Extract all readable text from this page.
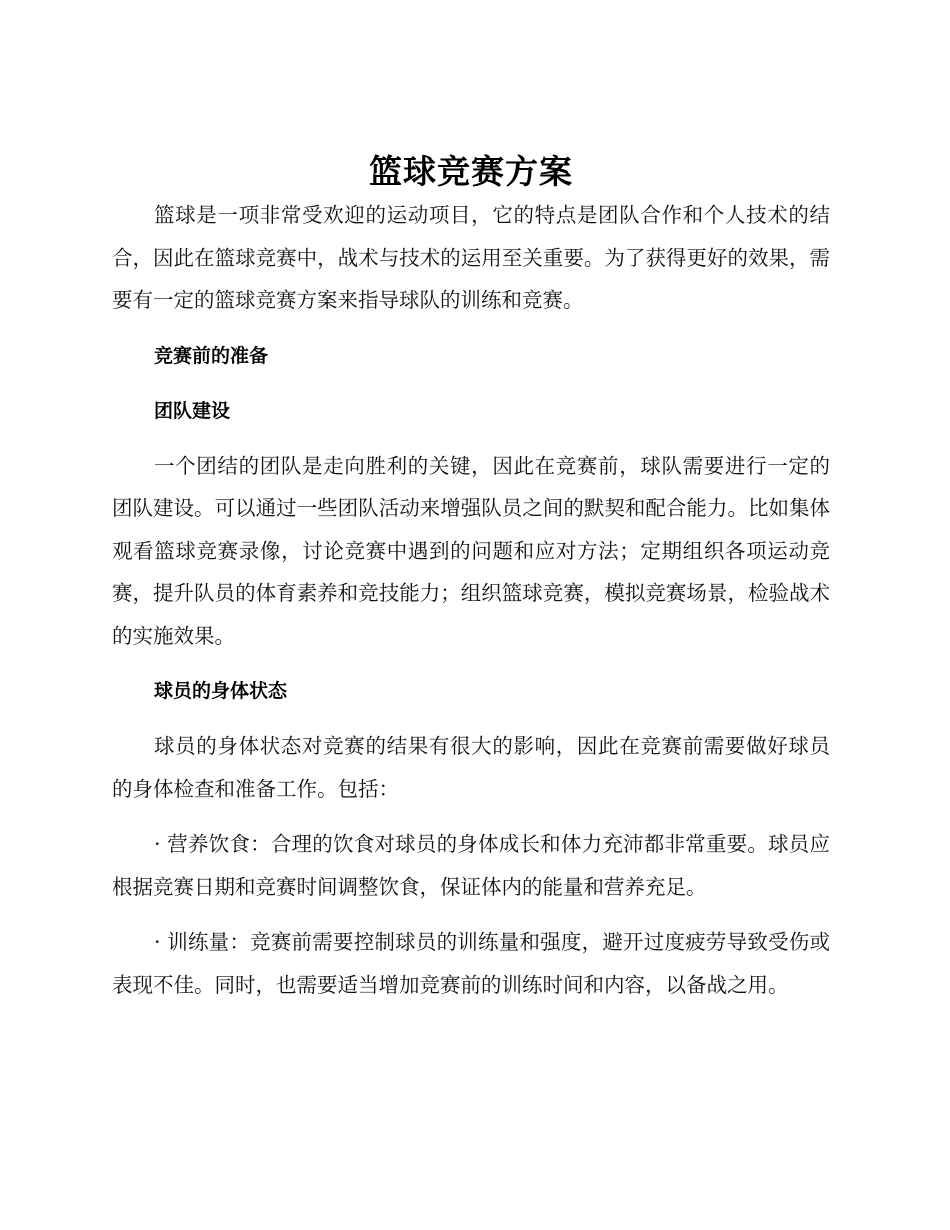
篮球竞赛方案

篮球是一项非常受欢迎的运动项目，它的特点是团队合作和个人技术的结合，因此在篮球竞赛中，战术与技术的运用至关重要。为了获得更好的效果，需要有一定的篮球竞赛方案来指导球队的训练和竞赛。

竞赛前的准备
团队建设

一个团结的团队是走向胜利的关键，因此在竞赛前，球队需要进行一定的团队建设。可以通过一些团队活动来增强队员之间的默契和配合能力。比如集体观看篮球竞赛录像，讨论竞赛中遇到的问题和应对方法；定期组织各项运动竞赛，提升队员的体育素养和竞技能力；组织篮球竞赛，模拟竞赛场景，检验战术的实施效果。

球员的身体状态

球员的身体状态对竞赛的结果有很大的影响，因此在竞赛前需要做好球员的身体检查和准备工作。包括：

· 营养饮食：合理的饮食对球员的身体成长和体力充沛都非常重要。球员应根据竞赛日期和竞赛时间调整饮食，保证体内的能量和营养充足。

· 训练量：竞赛前需要控制球员的训练量和强度，避开过度疲劳导致受伤或表现不佳。同时，也需要适当增加竞赛前的训练时间和内容，以备战之用。
